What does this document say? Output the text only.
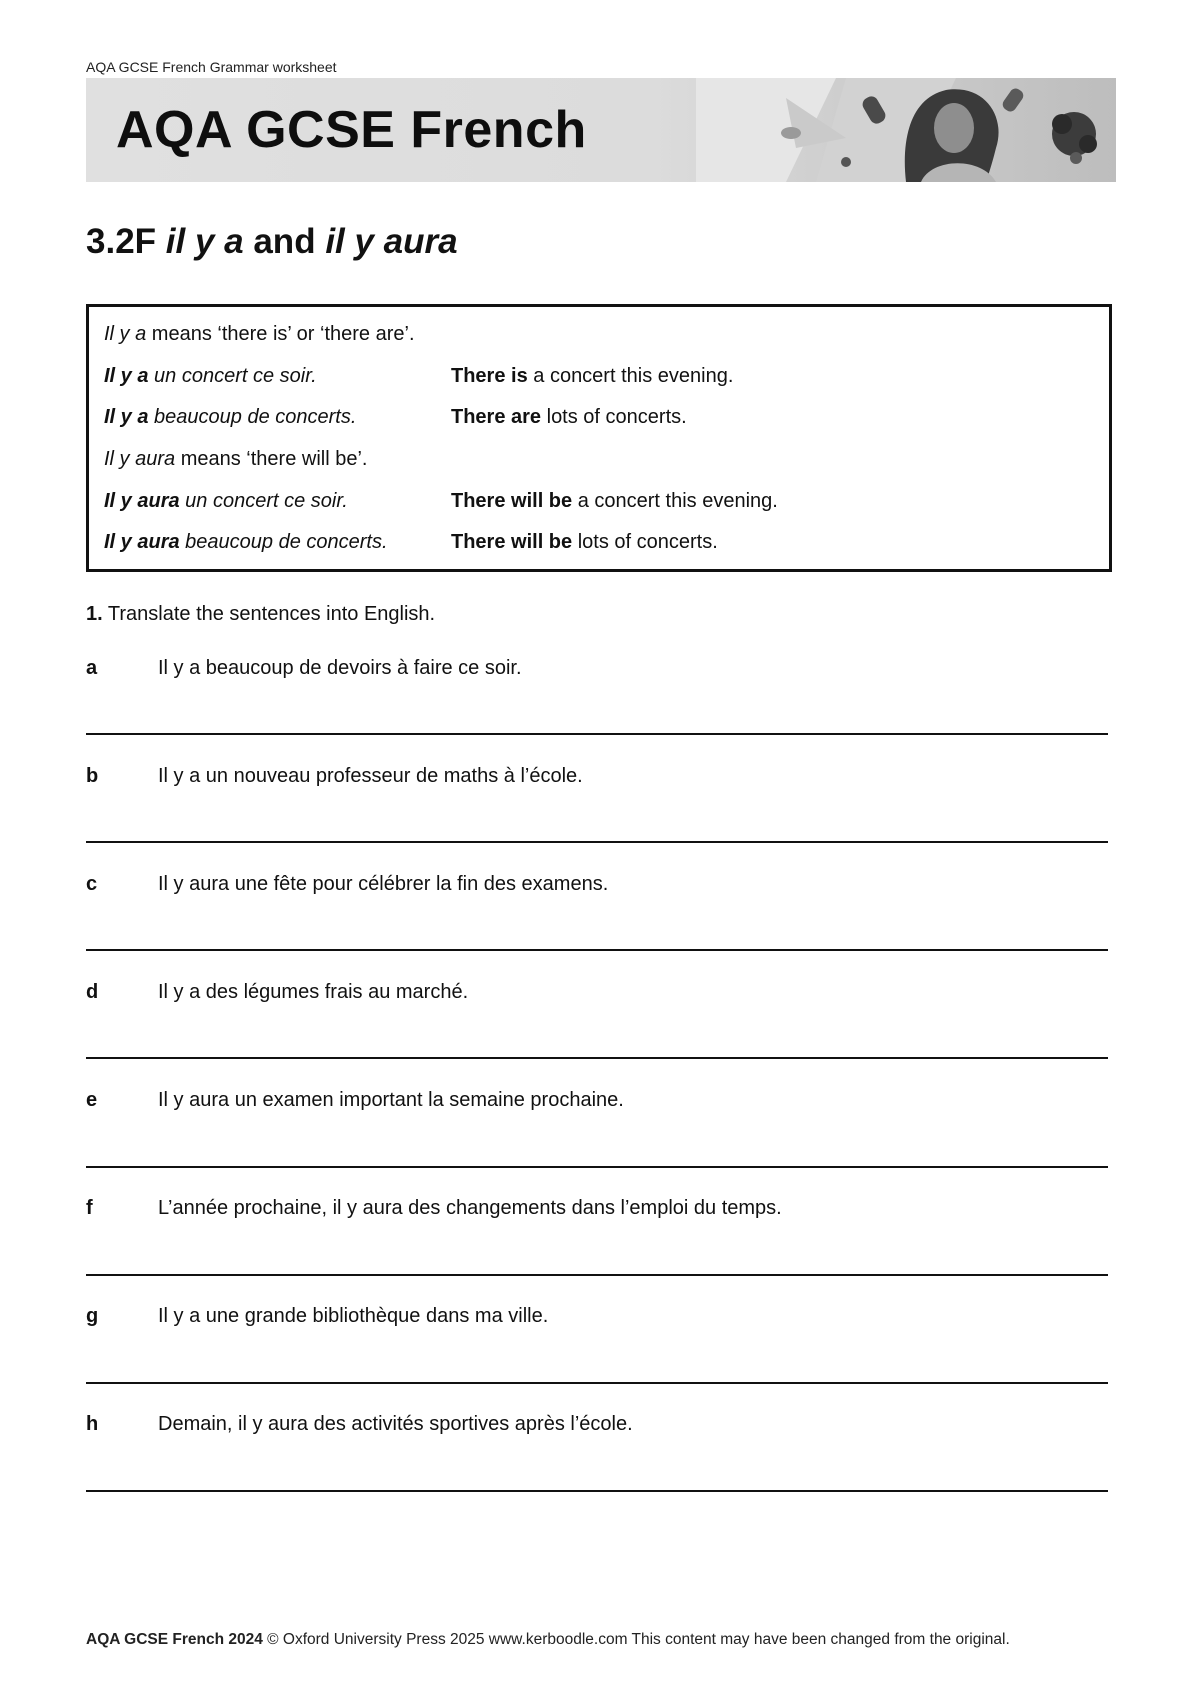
AQA GCSE French Grammar worksheet
AQA GCSE French
3.2F il y a and il y aura
Il y a means ‘there is’ or ‘there are’.
Il y a un concert ce soir.	There is a concert this evening.
Il y a beaucoup de concerts.	There are lots of concerts.
Il y aura means ‘there will be’.
Il y aura un concert ce soir.	There will be a concert this evening.
Il y aura beaucoup de concerts.	There will be lots of concerts.
1. Translate the sentences into English.
a	Il y a beaucoup de devoirs à faire ce soir.
b	Il y a un nouveau professeur de maths à l’école.
c	Il y aura une fête pour célébrer la fin des examens.
d	Il y a des légumes frais au marché.
e	Il y aura un examen important la semaine prochaine.
f	L’année prochaine, il y aura des changements dans l’emploi du temps.
g	Il y a une grande bibliothèque dans ma ville.
h	Demain, il y aura des activités sportives après l’école.
AQA GCSE French 2024 © Oxford University Press 2025 www.kerboodle.com This content may have been changed from the original.
